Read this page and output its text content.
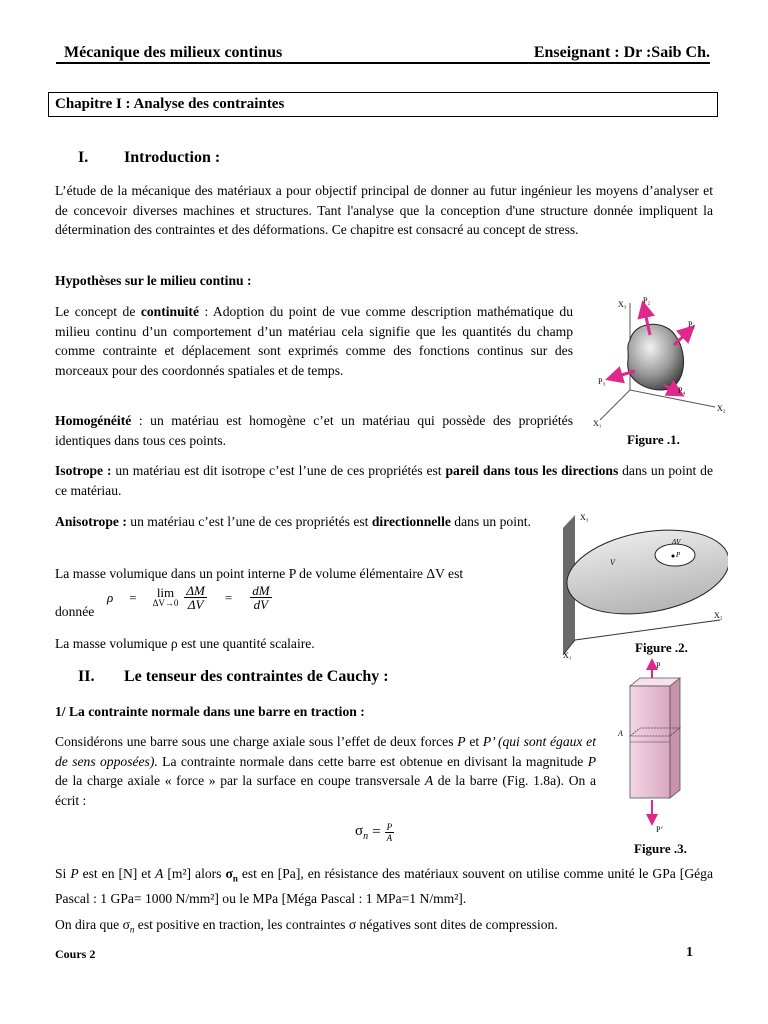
Mécanique des milieux continus	Enseignant : Dr :Saib Ch.
Chapitre I : Analyse des contraintes
I. Introduction :
L’étude de la mécanique des matériaux a pour objectif principal de donner au futur ingénieur les moyens d’analyser et de concevoir diverses machines et structures. Tant l'analyse que la conception d'une structure donnée impliquent la détermination des contraintes et des déformations. Ce chapitre est consacré au concept de stress.
Hypothèses sur le milieu continu :
Le concept de continuité : Adoption du point de vue comme description mathématique du milieu continu d’un comportement d’un matériau cela signifie que les quantités du champ comme contrainte et déplacement sont exprimés comme des fonctions continus sur des morceaux pour des coordonnés spatiales et de temps.
Homogénéité : un matériau est homogène c’et un matériau qui possède des propriétés identiques dans tous ces points.
Isotrope : un matériau est dit isotrope c’est l’une de ces propriétés est pareil dans tous les directions dans un point de ce matériau.
Anisotrope : un matériau c’est l’une de ces propriétés est directionnelle dans un point.
La masse volumique dans un point interne P de volume élémentaire ΔV est
donnée
ρ =	lim
$\Delta V\to 0 \frac{\Delta M}{\Delta V} = \frac{dM}{dV}$
La masse volumique ρ est une quantité scalaire.
II. Le tenseur des contraintes de Cauchy :
1/ La contrainte normale dans une barre en traction :
Considérons une barre sous une charge axiale sous l’effet de deux forces P et P’ (qui sont égaux et de sens opposées). La contrainte normale dans cette barre est obtenue en divisant la magnitude P de la charge axiale « force » par la surface en coupe transversale A de la barre (Fig. 1.8a). On a écrit :
$\sigma_n = \frac{P}{A}$
Si P est en [N] et A [m²] alors $\sigma_n$ est en [Pa], en résistance des matériaux souvent on utilise comme unité le GPa [Géga Pascal : 1 GPa= 1000 N/mm²] ou le MPa [Méga Pascal : 1 MPa=1 N/mm²].
On dira que $\sigma_n$ est positive en traction, les contraintes σ négatives sont dites de compression.
X₃ P₂
P₁
P₃
P₄
X₂
X₁
Figure .1.
X₃
ΔV
P
V
X₂
X₁
Figure .2.
P
A
P’
Figure .3.
Cours 2	1
